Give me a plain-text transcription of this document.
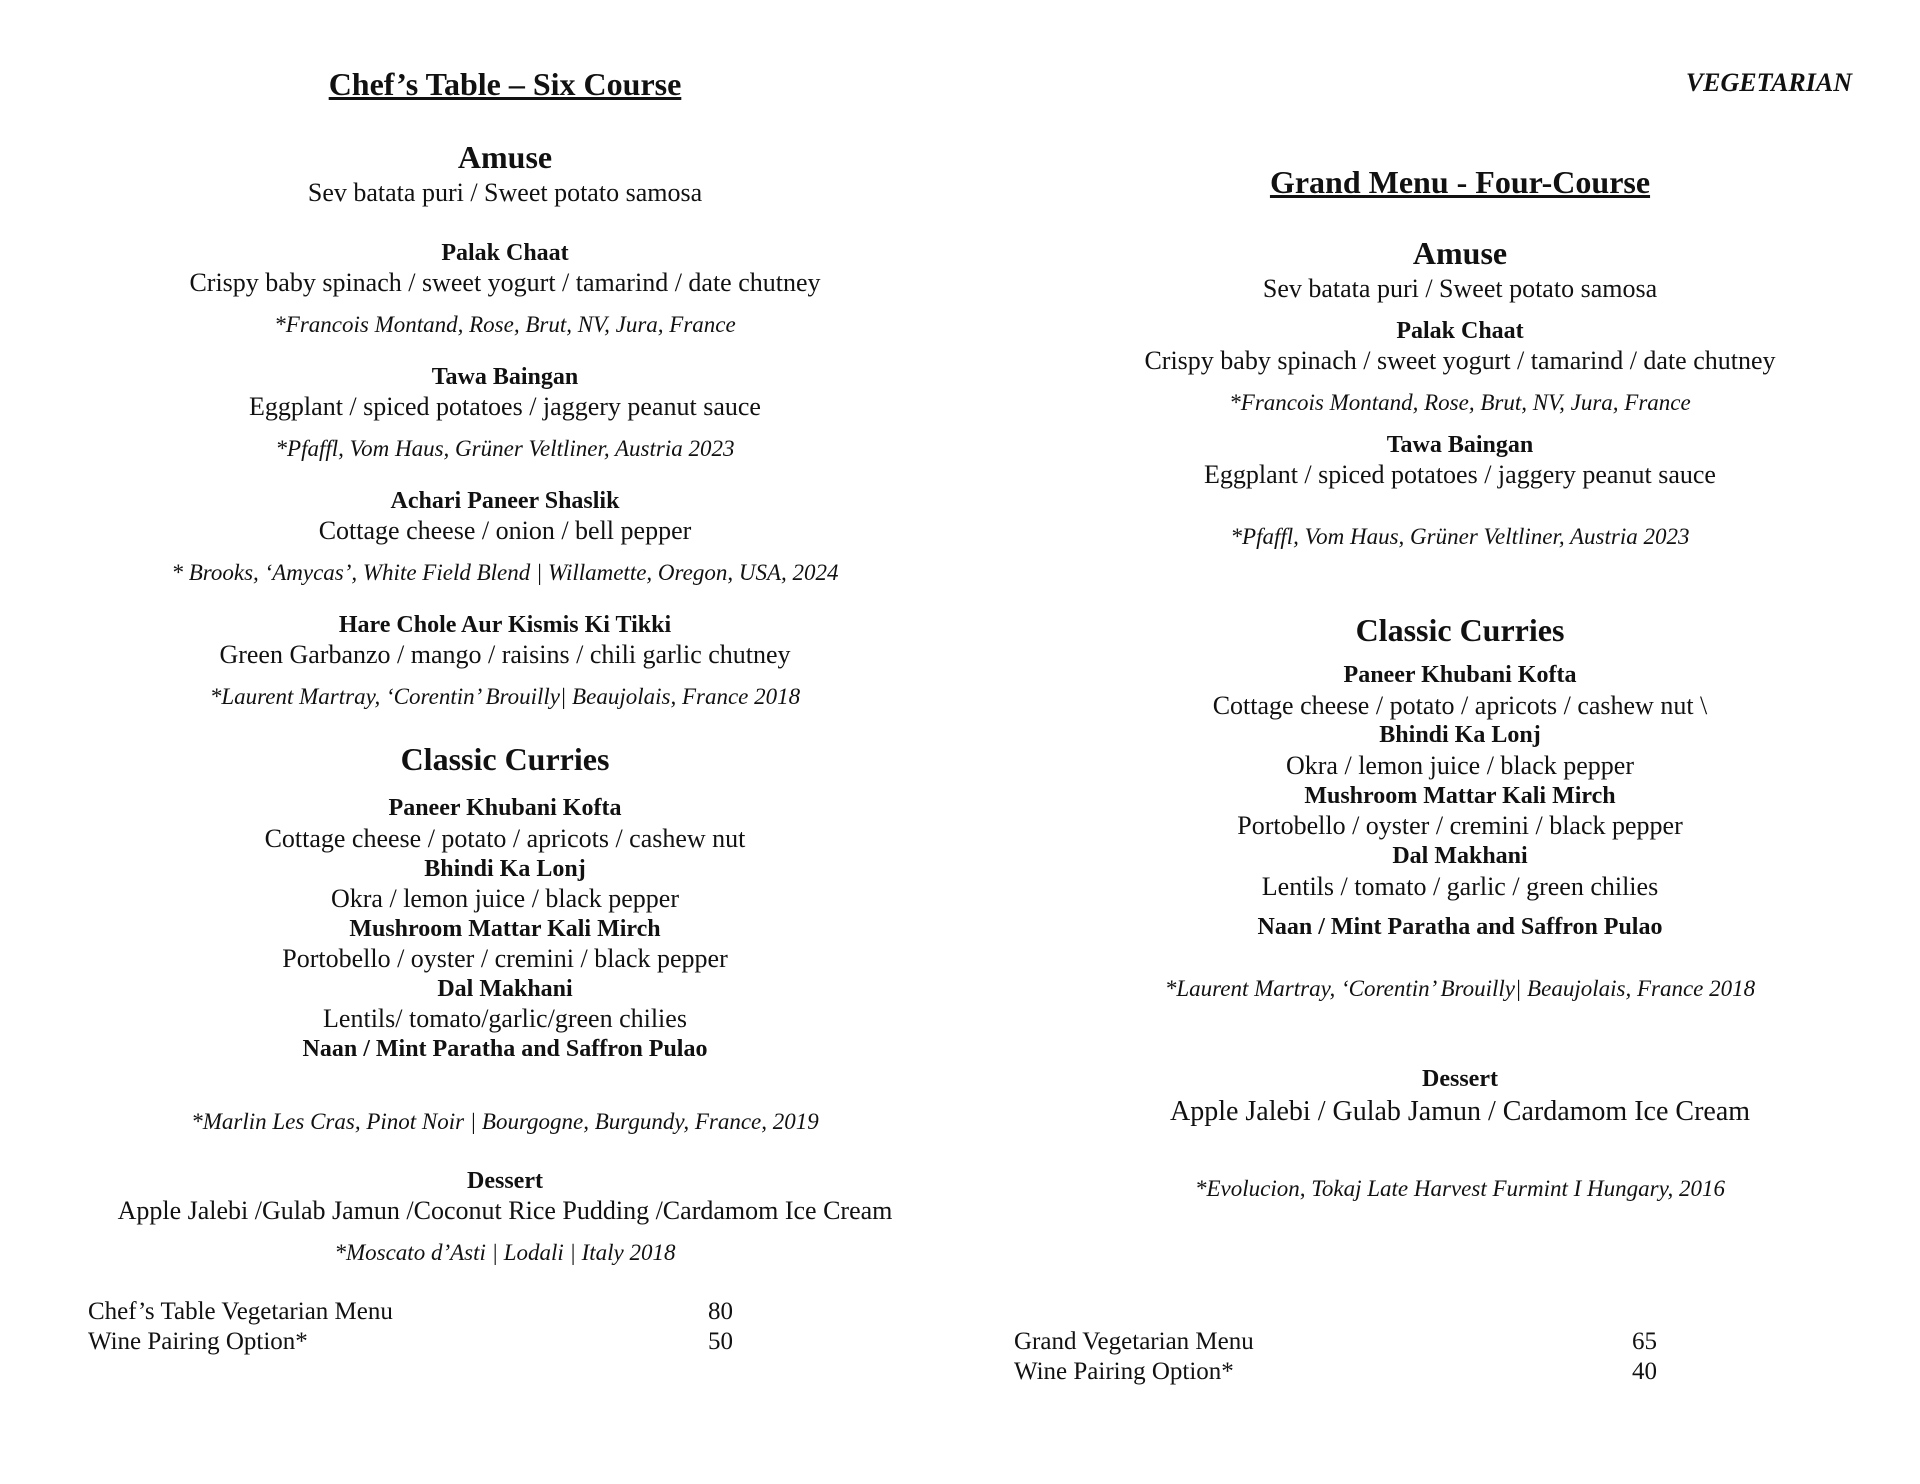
VEGETARIAN
Chef’s Table – Six Course
Amuse
Sev batata puri / Sweet potato samosa
Palak Chaat
Crispy baby spinach / sweet yogurt / tamarind / date chutney
*Francois Montand, Rose, Brut, NV, Jura, France
Tawa Baingan
Eggplant / spiced potatoes / jaggery peanut sauce
*Pfaffl, Vom Haus, Grüner Veltliner, Austria 2023
Achari Paneer Shaslik
Cottage cheese / onion / bell pepper
* Brooks, ‘Amycas’, White Field Blend | Willamette, Oregon, USA, 2024
Hare Chole Aur Kismis Ki Tikki
Green Garbanzo / mango / raisins / chili garlic chutney
*Laurent Martray, ‘Corentin’ Brouilly| Beaujolais, France 2018
Classic Curries
Paneer Khubani Kofta
Cottage cheese / potato / apricots / cashew nut
Bhindi Ka Lonj
Okra / lemon juice / black pepper
Mushroom Mattar Kali Mirch
Portobello / oyster / cremini / black pepper
Dal Makhani
Lentils/ tomato/garlic/green chilies
Naan / Mint Paratha and Saffron Pulao
*Marlin Les Cras, Pinot Noir | Bourgogne, Burgundy, France, 2019
Dessert
Apple Jalebi /Gulab Jamun /Coconut Rice Pudding /Cardamom Ice Cream
*Moscato d’Asti | Lodali | Italy 2018
Chef’s Table Vegetarian Menu	80
Wine Pairing Option*	50
Grand Menu - Four-Course
Amuse
Sev batata puri / Sweet potato samosa
Palak Chaat
Crispy baby spinach / sweet yogurt / tamarind / date chutney
*Francois Montand, Rose, Brut, NV, Jura, France
Tawa Baingan
Eggplant / spiced potatoes / jaggery peanut sauce
*Pfaffl, Vom Haus, Grüner Veltliner, Austria 2023
Classic Curries
Paneer Khubani Kofta
Cottage cheese / potato / apricots / cashew nut \
Bhindi Ka Lonj
Okra / lemon juice / black pepper
Mushroom Mattar Kali Mirch
Portobello / oyster / cremini / black pepper
Dal Makhani
Lentils / tomato / garlic / green chilies
Naan / Mint Paratha and Saffron Pulao
*Laurent Martray, ‘Corentin’ Brouilly| Beaujolais, France 2018
Dessert
Apple Jalebi / Gulab Jamun / Cardamom Ice Cream
*Evolucion, Tokaj Late Harvest Furmint I Hungary, 2016
Grand Vegetarian Menu	65
Wine Pairing Option*	40
